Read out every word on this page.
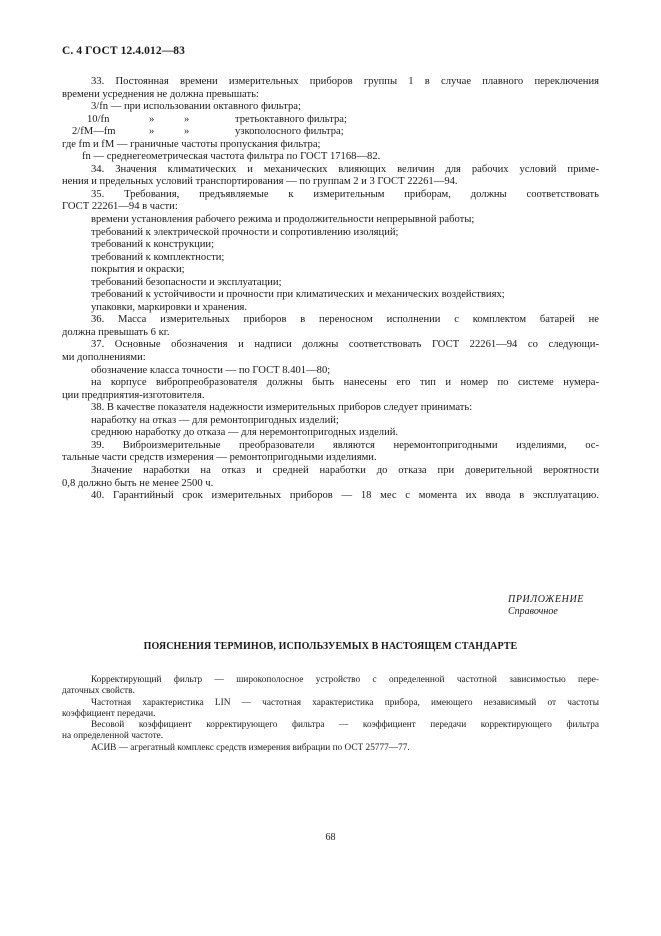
С. 4 ГОСТ 12.4.012—83

33. Постоянная времени измерительных приборов группы 1 в случае плавного переключения

времени усреднения не должна превышать:

3/fn — при использовании октавного фильтра;
10/fn	»	»	третьоктавного фильтра;
2/fM—fm	»	»	узкополосного фильтра;

где fm и fM — граничные частоты пропускания фильтра;

fn — среднегеометрическая частота фильтра по ГОСТ 17168—82.

34. Значения климатических и механических влияющих величин для рабочих условий приме-

нения и предельных условий транспортирования — по группам 2 и 3 ГОСТ 22261—94.

35. Требования, предъявляемые к измерительным приборам, должны соответствовать

ГОСТ 22261—94 в части:

времени установления рабочего режима и продолжительности непрерывной работы;

требований к электрической прочности и сопротивлению изоляций;

требований к конструкции;

требований к комплектности;

покрытия и окраски;

требований безопасности и эксплуатации;

требований к устойчивости и прочности при климатических и механических воздействиях;

упаковки, маркировки и хранения.

36. Масса измерительных приборов в переносном исполнении с комплектом батарей не

должна превышать 6 кг.

37. Основные обозначения и надписи должны соответствовать ГОСТ 22261—94 со следующи-

ми дополнениями:

обозначение класса точности — по ГОСТ 8.401—80;

на корпусе вибропреобразователя должны быть нанесены его тип и номер по системе нумера-

ции предприятия-изготовителя.

38. В качестве показателя надежности измерительных приборов следует принимать:

наработку на отказ — для ремонтопригодных изделий;

среднюю наработку до отказа — для неремонтопригодных изделий.

39. Виброизмерительные преобразователи являются неремонтопригодными изделиями, ос-

тальные части средств измерения — ремонтопригодными изделиями.

Значение наработки на отказ и средней наработки до отказа при доверительной вероятности

0,8 должно быть не менее 2500 ч.

40. Гарантийный срок измерительных приборов — 18 мес с момента их ввода в эксплуатацию.

ПРИЛОЖЕНИЕ
Справочное
ПОЯСНЕНИЯ ТЕРМИНОВ, ИСПОЛЬЗУЕМЫХ В НАСТОЯЩЕМ СТАНДАРТЕ

Корректирующий фильтр — широкополосное устройство с определенной частотной зависимостью пере-

даточных свойств.

Частотная характеристика LIN — частотная характеристика прибора, имеющего независимый от частоты

коэффициент передачи.

Весовой коэффициент корректирующего фильтра — коэффициент передачи корректирующего фильтра

на определенной частоте.

АСИВ — агрегатный комплекс средств измерения вибрации по ОСТ 25777—77.

68
